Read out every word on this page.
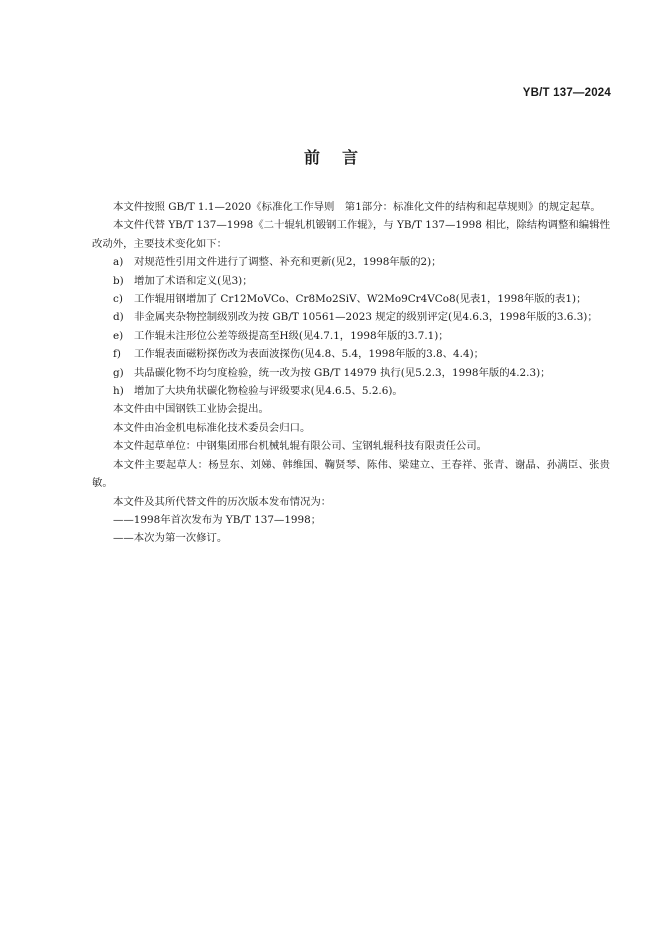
YB/T 137—2024
前言

本文件按照 GB/T 1.1—2020《标准化工作导则　第1部分：标准化文件的结构和起草规则》的规定起草。

本文件代替 YB/T 137—1998《二十辊轧机锻钢工作辊》，与 YB/T 137—1998 相比，除结构调整和编辑性改动外，主要技术变化如下：

a)	对规范性引用文件进行了调整、补充和更新(见2，1998年版的2)；
b) 增加了术语和定义(见3)；
c)	工作辊用钢增加了 Cr12MoVCo、Cr8Mo2SiV、W2Mo9Cr4VCo8(见表1，1998年版的表1)；
d) 非金属夹杂物控制级别改为按 GB/T 10561—2023 规定的级别评定(见4.6.3，1998年版的3.6.3)；
e)	工作辊未注形位公差等级提高至H级(见4.7.1，1998年版的3.7.1)；
f)	工作辊表面磁粉探伤改为表面波探伤(见4.8、5.4，1998年版的3.8、4.4)；
g) 共晶碳化物不均匀度检验，统一改为按 GB/T 14979 执行(见5.2.3，1998年版的4.2.3)；
h) 增加了大块角状碳化物检验与评级要求(见4.6.5、5.2.6)。

本文件由中国钢铁工业协会提出。

本文件由冶金机电标准化技术委员会归口。

本文件起草单位：中钢集团邢台机械轧辊有限公司、宝钢轧辊科技有限责任公司。

本文件主要起草人：杨昱东、刘娣、韩维国、鞠贤琴、陈伟、梁建立、王春祥、张青、谢晶、孙满臣、张贵敏。

本文件及其所代替文件的历次版本发布情况为：

——1998年首次发布为 YB/T 137—1998；

——本次为第一次修订。
